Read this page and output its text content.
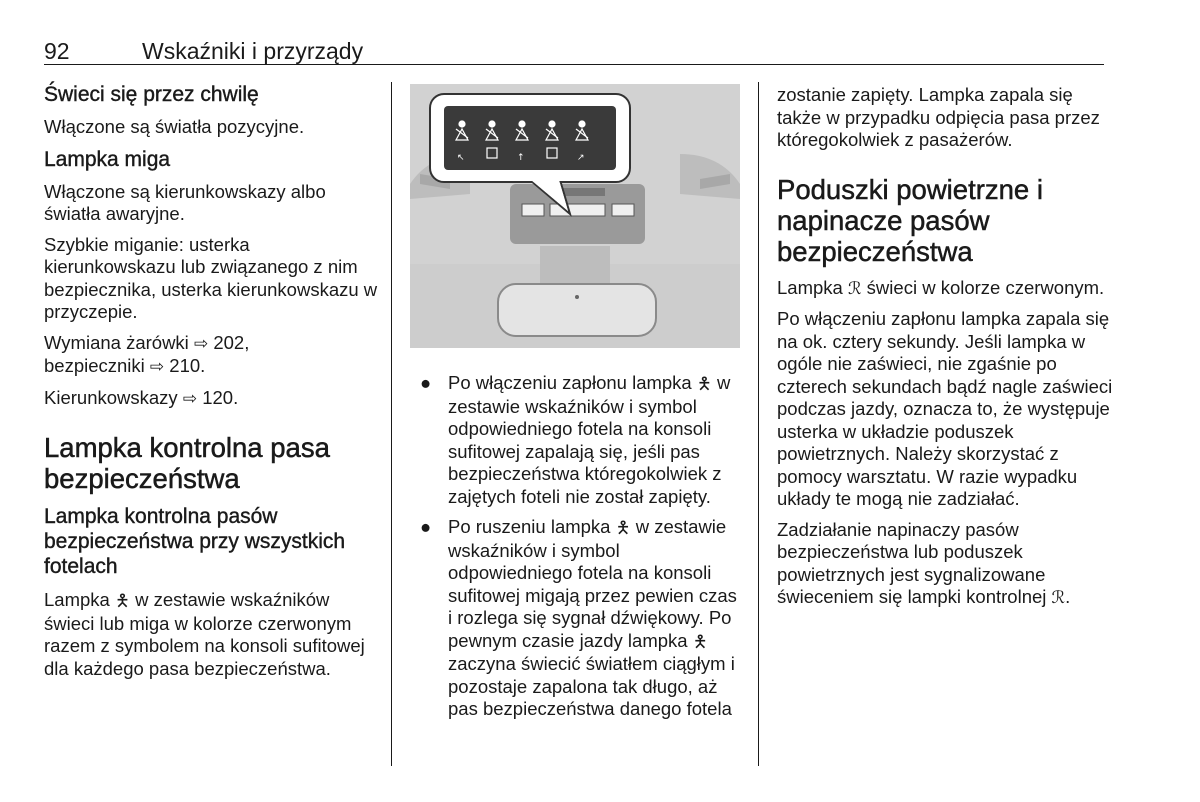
92	Wskaźniki i przyrządy
Świeci się przez chwilę

Włączone są światła pozycyjne.

Lampka miga

Włączone są kierunkowskazy albo światła awaryjne.

Szybkie miganie: usterka kierunkowskazu lub związanego z nim bezpiecznika, usterka kierunkowskazu w przyczepie.

Wymiana żarówki ⇨ 202,
bezpieczniki ⇨ 210.

Kierunkowskazy ⇨ 120.

Lampka kontrolna pasa bezpieczeństwa
Lampka kontrolna pasów bezpieczeństwa przy wszystkich fotelach

Lampka 🯅 w zestawie wskaźników świeci lub miga w kolorze czerwonym razem z symbolem na konsoli sufitowej dla każdego pasa bezpieczeństwa.

↖	↑	↗
● Po włączeniu zapłonu lampka 🯅 w zestawie wskaźników i symbol odpowiedniego fotela na konsoli sufitowej zapalają się, jeśli pas bezpieczeństwa któregokolwiek z zajętych foteli nie został zapięty.
● Po ruszeniu lampka 🯅 w zestawie wskaźników i symbol odpowiedniego fotela na konsoli sufitowej migają przez pewien czas i rozlega się sygnał dźwiękowy. Po pewnym czasie jazdy lampka 🯅 zaczyna świecić światłem ciągłym i pozostaje zapalona tak długo, aż pas bezpieczeństwa danego fotela

zostanie zapięty. Lampka zapala się także w przypadku odpięcia pasa przez któregokolwiek z pasażerów.

Poduszki powietrzne i napinacze pasów bezpieczeństwa

Lampka ℛ świeci w kolorze czerwonym.

Po włączeniu zapłonu lampka zapala się na ok. cztery sekundy. Jeśli lampka w ogóle nie zaświeci, nie zgaśnie po czterech sekundach bądź nagle zaświeci podczas jazdy, oznacza to, że występuje usterka w układzie poduszek powietrznych. Należy skorzystać z pomocy warsztatu. W razie wypadku układy te mogą nie zadziałać.

Zadziałanie napinaczy pasów bezpieczeństwa lub poduszek powietrznych jest sygnalizowane świeceniem się lampki kontrolnej ℛ.
